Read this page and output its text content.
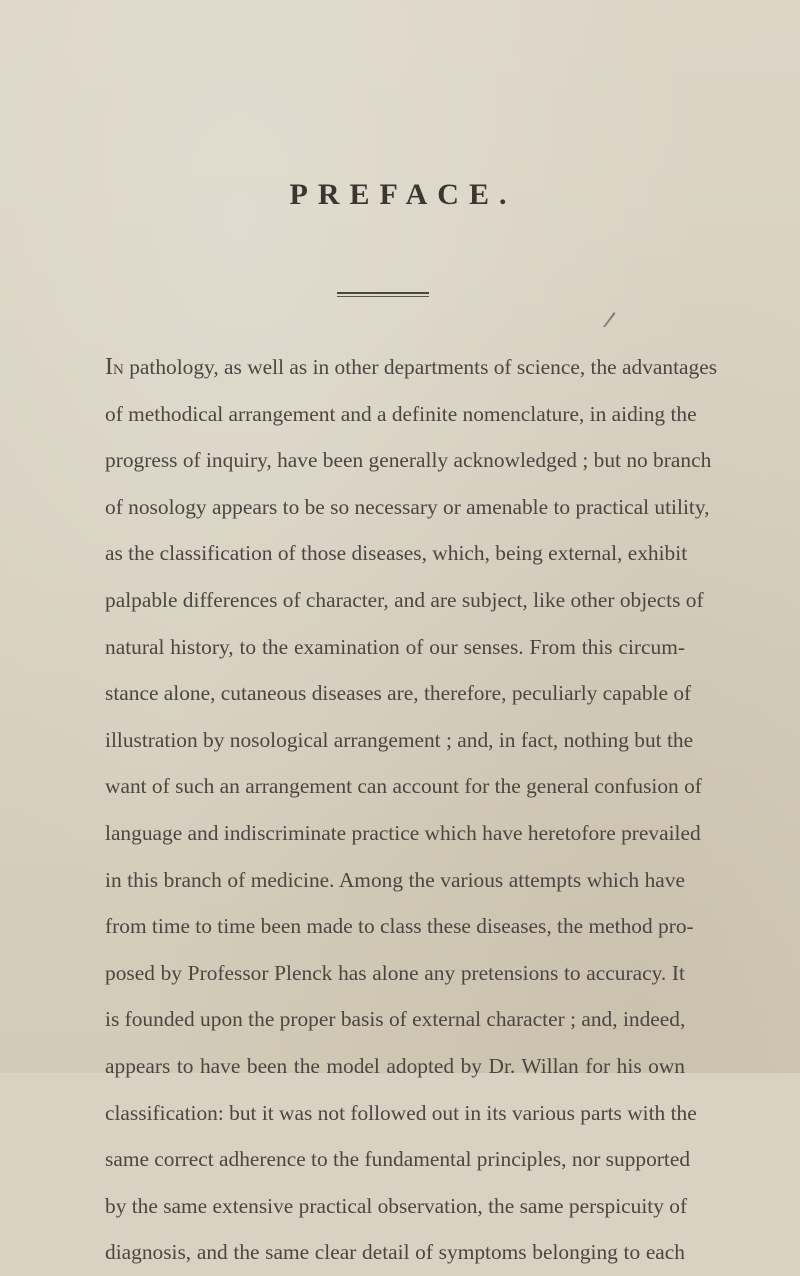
PREFACE.
In pathology, as well as in other departments of science, the advantages
of methodical arrangement and a definite nomenclature, in aiding the
progress of inquiry, have been generally acknowledged ; but no branch
of nosology appears to be so necessary or amenable to practical utility,
as the classification of those diseases, which, being external, exhibit
palpable differences of character, and are subject, like other objects of
natural history, to the examination of our senses. From this circum-
stance alone, cutaneous diseases are, therefore, peculiarly capable of
illustration by nosological arrangement ; and, in fact, nothing but the
want of such an arrangement can account for the general confusion of
language and indiscriminate practice which have heretofore prevailed
in this branch of medicine. Among the various attempts which have
from time to time been made to class these diseases, the method pro-
posed by Professor Plenck has alone any pretensions to accuracy. It
is founded upon the proper basis of external character ; and, indeed,
appears to have been the model adopted by Dr. Willan for his own
classification: but it was not followed out in its various parts with the
same correct adherence to the fundamental principles, nor supported
by the same extensive practical observation, the same perspicuity of
diagnosis, and the same clear detail of symptoms belonging to each
